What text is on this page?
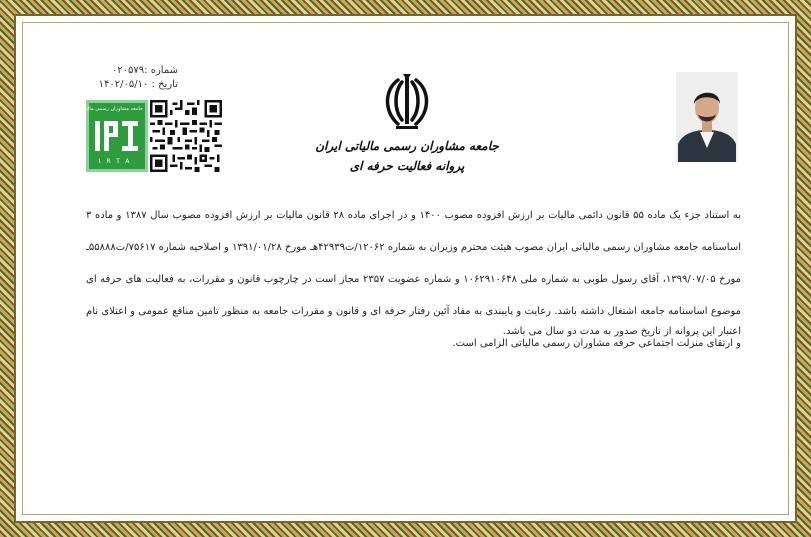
شماره :۰۲۰۵۷۹
تاریخ : ۱۴۰۲/۰۵/۱۰
جامعه مشاوران رسمی مالیاتی ایران
IRTA
جامعه مشاوران رسمی مالیاتی ایران
پروانه فعالیت حرفه ای

به استناد جزء یک ماده ۵۵ قانون دائمی مالیات بر ارزش افزوده مصوب ۱۴۰۰ و در اجرای ماده ۲۸ قانون مالیات بر ارزش افزوده مصوب سال ۱۳۸۷ و ماده ۳ اساسنامه جامعه مشاوران رسمی مالیاتی ایران مصوب هیئت محترم وزیران به شماره ۱۲۰۶۲/ت۴۲۹۳۹هـ مورخ ۱۳۹۱/۰۱/۲۸ و اصلاحیه شماره ۷۵۶۱۷/ت۵۵۸۸۸ـ مورخ ۱۳۹۹/۰۷/۰۵، آقای رسول طوبی به شماره ملی ۱۰۶۲۹۱۰۶۴۸ و شماره عضویت ۲۳۵۷ مجاز است در چارچوب قانون و مقررات، به فعالیت های حرفه ای موضوع اساسنامه جامعه اشتغال داشته باشد. رعایت و پایبندی به مفاد آئین رفتار حرفه ای و قانون و مقررات جامعه به منظور تامین منافع عمومی و اعتلای نام و ارتقای منزلت اجتماعی حرفه مشاوران رسمی مالیاتی الزامی است.

اعتبار این پروانه از تاریخ صدور به مدت دو سال می باشد.
